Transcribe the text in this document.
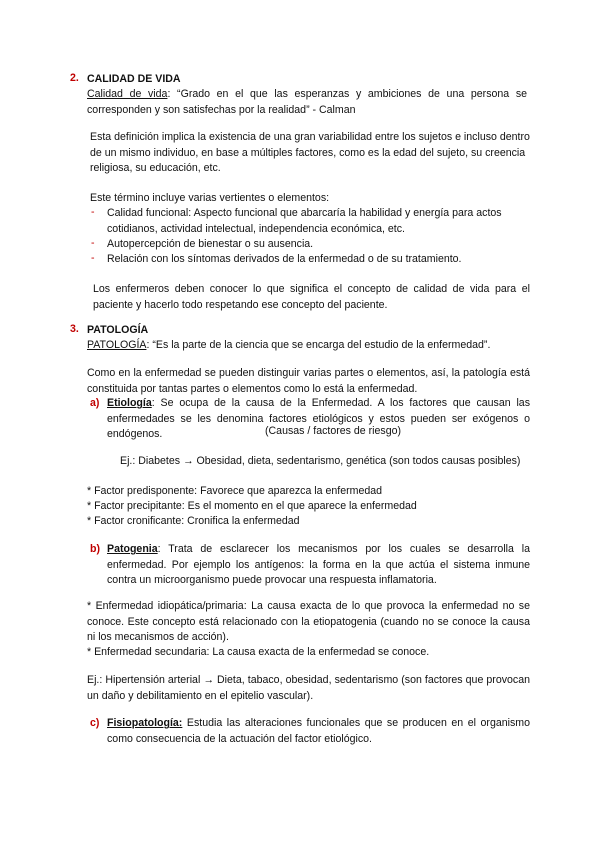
2. CALIDAD DE VIDA
Calidad de vida: “Grado en el que las esperanzas y ambiciones de una persona se corresponden y son satisfechas por la realidad” - Calman
Esta definición implica la existencia de una gran variabilidad entre los sujetos e incluso dentro de un mismo individuo, en base a múltiples factores, como es la edad del sujeto, su creencia religiosa, su educación, etc.
Este término incluye varias vertientes o elementos:
- Calidad funcional: Aspecto funcional que abarcaría la habilidad y energía para actos cotidianos, actividad intelectual, independencia económica, etc.
- Autopercepción de bienestar o su ausencia.
- Relación con los síntomas derivados de la enfermedad o de su tratamiento.
Los enfermeros deben conocer lo que significa el concepto de calidad de vida para el paciente y hacerlo todo respetando ese concepto del paciente.
3. PATOLOGÍA
PATOLOGÍA: “Es la parte de la ciencia que se encarga del estudio de la enfermedad”.
Como en la enfermedad se pueden distinguir varias partes o elementos, así, la patología está constituida por tantas partes o elementos como lo está la enfermedad.
a) Etiología: Se ocupa de la causa de la Enfermedad. A los factores que causan las enfermedades se les denomina factores etiológicos y estos pueden ser exógenos o endógenos.	(Causas / factores de riesgo)
Ej.: Diabetes → Obesidad, dieta, sedentarismo, genética (son todos causas posibles)
* Factor predisponente: Favorece que aparezca la enfermedad
* Factor precipitante: Es el momento en el que aparece la enfermedad
* Factor cronificante: Cronifica la enfermedad
b) Patogenia: Trata de esclarecer los mecanismos por los cuales se desarrolla la enfermedad. Por ejemplo los antígenos: la forma en la que actúa el sistema inmune contra un microorganismo puede provocar una respuesta inflamatoria.
* Enfermedad idiopática/primaria: La causa exacta de lo que provoca la enfermedad no se conoce. Este concepto está relacionado con la etiopatogenia (cuando no se conoce la causa ni los mecanismos de acción).
* Enfermedad secundaria: La causa exacta de la enfermedad se conoce.
Ej.: Hipertensión arterial → Dieta, tabaco, obesidad, sedentarismo (son factores que provocan un daño y debilitamiento en el epitelio vascular).
c) Fisiopatología: Estudia las alteraciones funcionales que se producen en el organismo como consecuencia de la actuación del factor etiológico.
